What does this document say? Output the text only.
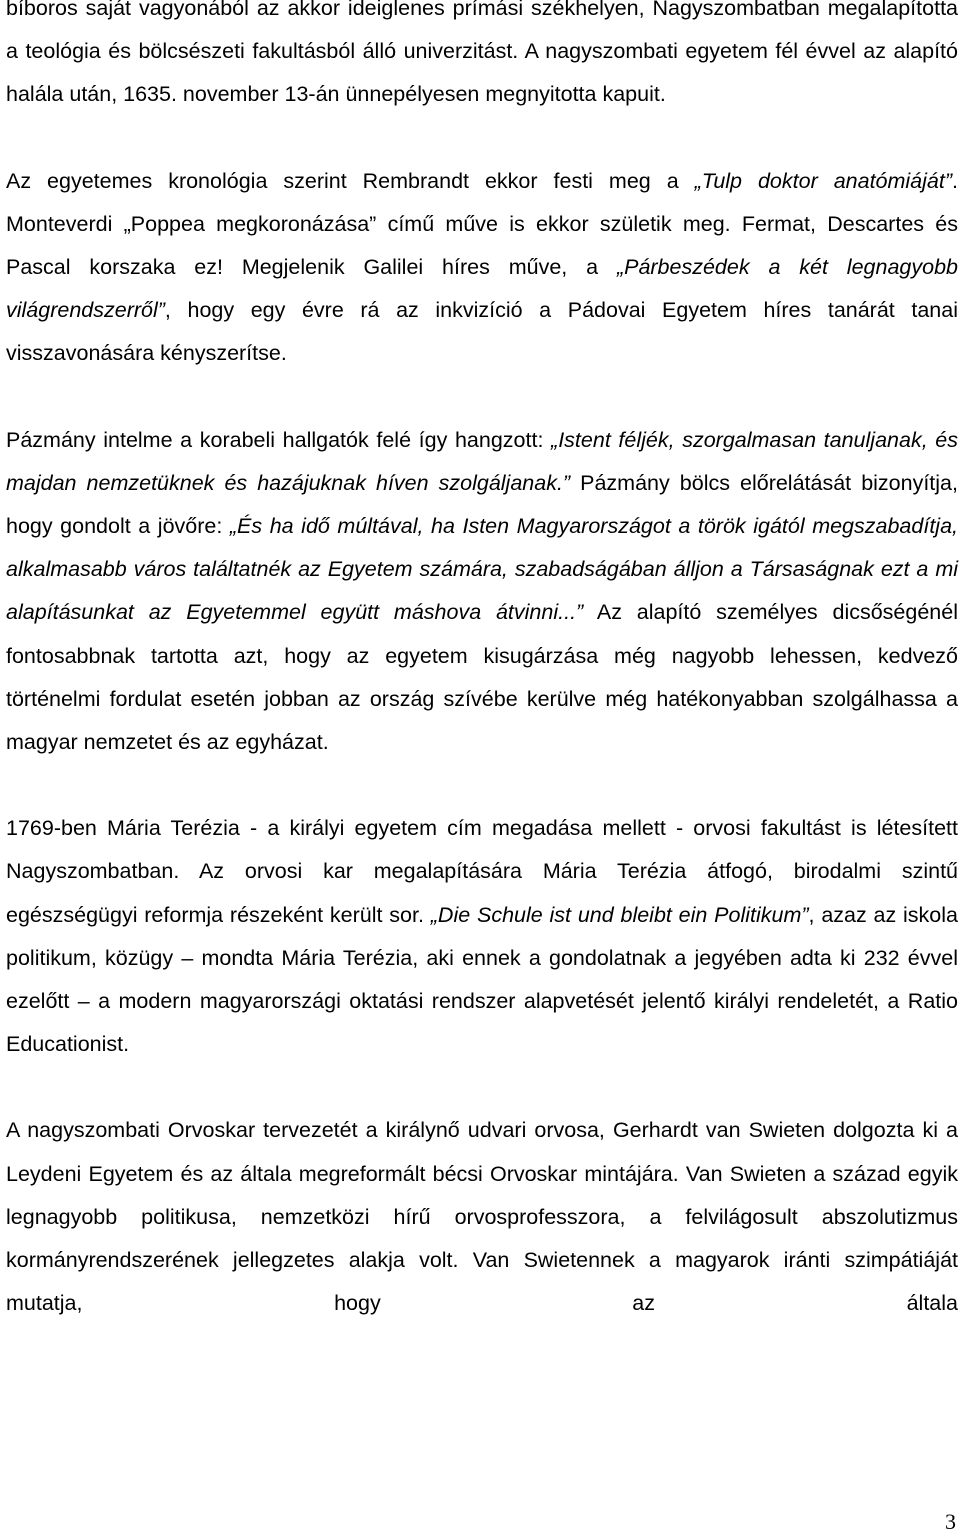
bíboros saját vagyonából az akkor ideiglenes prímási székhelyen, Nagyszombatban megalapította a teológia és bölcsészeti fakultásból álló univerzitást. A nagyszombati egyetem fél évvel az alapító halála után, 1635. november 13-án ünnepélyesen megnyitotta kapuit.

Az egyetemes kronológia szerint Rembrandt ekkor festi meg a „Tulp doktor anatómiáját”. Monteverdi „Poppea megkoronázása” című műve is ekkor születik meg. Fermat, Descartes és Pascal korszaka ez! Megjelenik Galilei híres műve, a „Párbeszédek a két legnagyobb világrendszerről”, hogy egy évre rá az inkvizíció a Pádovai Egyetem híres tanárát tanai visszavonására kényszerítse.

Pázmány intelme a korabeli hallgatók felé így hangzott: „Istent féljék, szorgalmasan tanuljanak, és majdan nemzetüknek és hazájuknak híven szolgáljanak.” Pázmány bölcs előrelátását bizonyítja, hogy gondolt a jövőre: „És ha idő múltával, ha Isten Magyarországot a török igától megszabadítja, alkalmasabb város találtatnék az Egyetem számára, szabadságában álljon a Társaságnak ezt a mi alapításunkat az Egyetemmel együtt máshova átvinni...” Az alapító személyes dicsőségénél fontosabbnak tartotta azt, hogy az egyetem kisugárzása még nagyobb lehessen, kedvező történelmi fordulat esetén jobban az ország szívébe kerülve még hatékonyabban szolgálhassa a magyar nemzetet és az egyházat.

1769-ben Mária Terézia - a királyi egyetem cím megadása mellett - orvosi fakultást is létesített Nagyszombatban. Az orvosi kar megalapítására Mária Terézia átfogó, birodalmi szintű egészségügyi reformja részeként került sor. „Die Schule ist und bleibt ein Politikum”, azaz az iskola politikum, közügy – mondta Mária Terézia, aki ennek a gondolatnak a jegyében adta ki 232 évvel ezelőtt – a modern magyarországi oktatási rendszer alapvetését jelentő királyi rendeletét, a Ratio Educationist.

A nagyszombati Orvoskar tervezetét a királynő udvari orvosa, Gerhardt van Swieten dolgozta ki a Leydeni Egyetem és az általa megreformált bécsi Orvoskar mintájára. Van Swieten a század egyik legnagyobb politikusa, nemzetközi hírű orvosprofesszora, a felvilágosult abszolutizmus kormányrendszerének jellegzetes alakja volt. Van Swietennek a magyarok iránti szimpátiáját mutatja, hogy az általa

3
